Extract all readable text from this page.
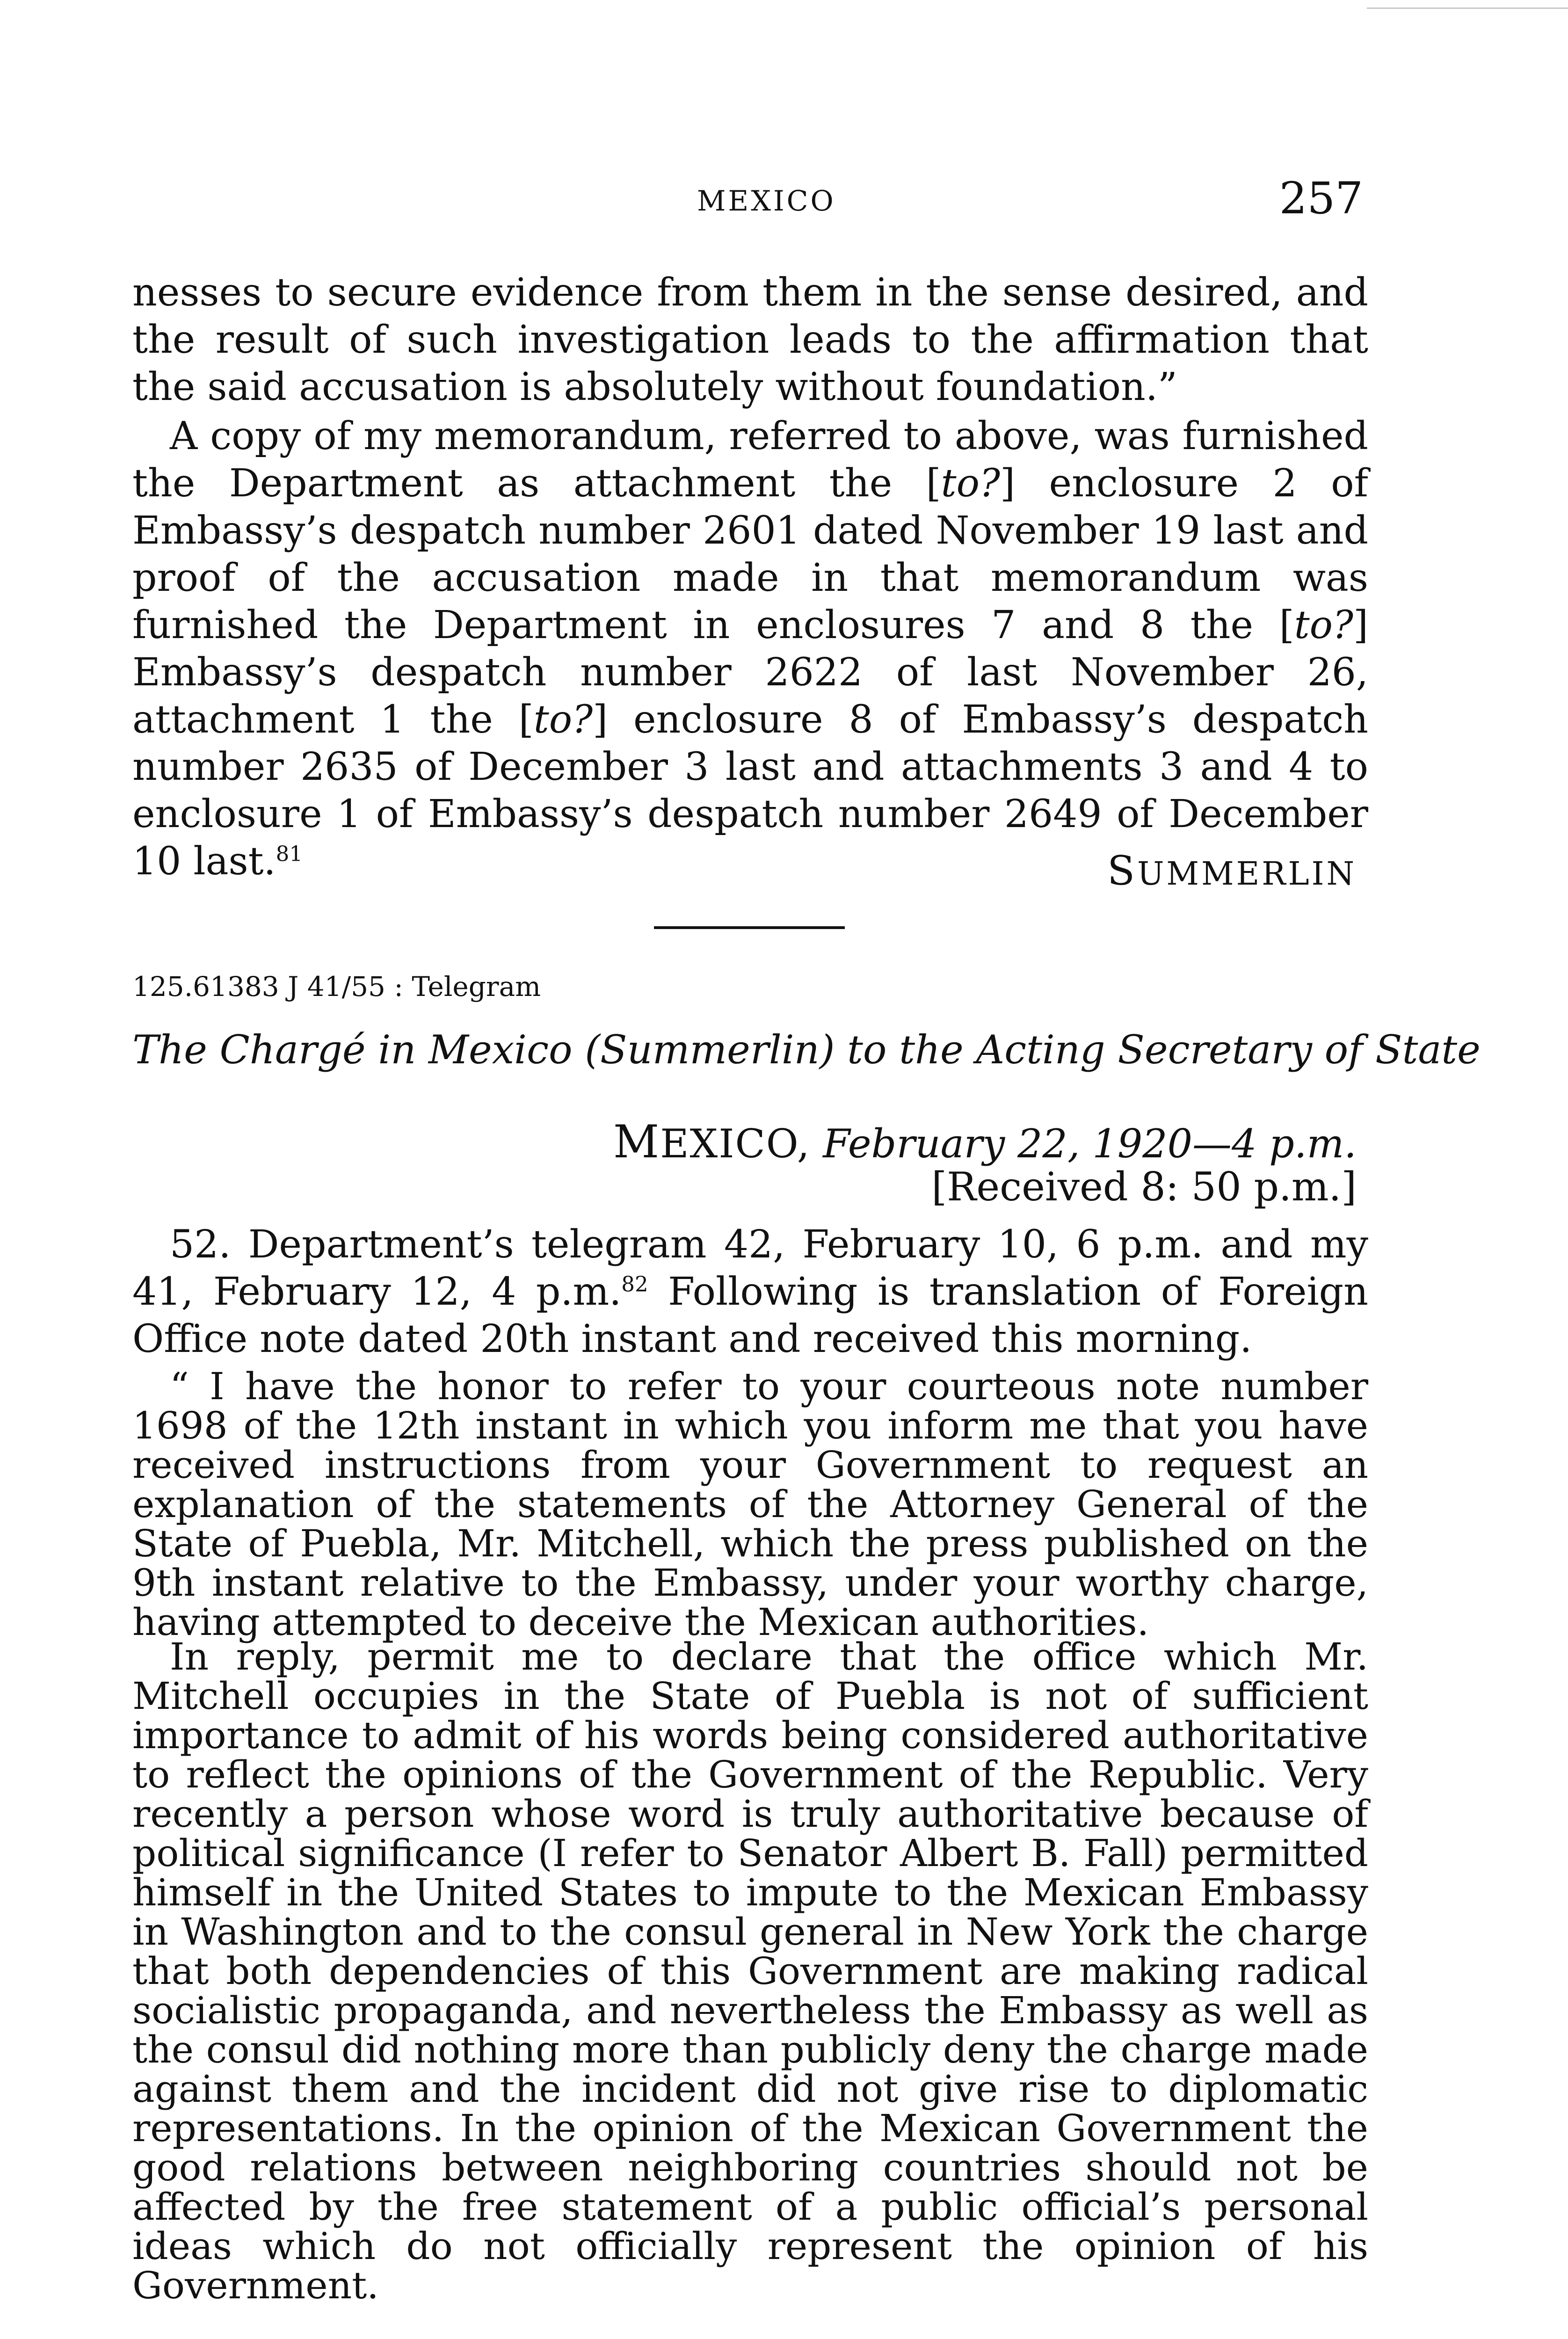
MEXICO	257

nesses to secure evidence from them in the sense desired, and the result of such investigation leads to the affirmation that the said accusation is absolutely without foundation.”

A copy of my memorandum, referred to above, was furnished the Department as attachment the [to?] enclosure 2 of Embassy’s despatch number 2601 dated November 19 last and proof of the accusation made in that memorandum was furnished the Department in enclosures 7 and 8 the [to?] Embassy’s despatch number 2622 of last November 26, attachment 1 the [to?] enclosure 8 of Embassy’s despatch number 2635 of December 3 last and attachments 3 and 4 to enclosure 1 of Embassy’s despatch number 2649 of December 10 last.$^{81}$	SUMMERLIN
125.61383 J 41/55 : Telegram
The Chargé in Mexico (Summerlin) to the Acting Secretary of State
MEXICO, February 22, 1920—4 p.m.
[Received 8: 50 p.m.]

52. Department’s telegram 42, February 10, 6 p.m. and my 41, February 12, 4 p.m.$^{82}$ Following is translation of Foreign Office note dated 20th instant and received this morning.

“ I have the honor to refer to your courteous note number 1698 of the 12th instant in which you inform me that you have received instructions from your Government to request an explanation of the statements of the Attorney General of the State of Puebla, Mr. Mitchell, which the press published on the 9th instant relative to the Embassy, under your worthy charge, having attempted to deceive the Mexican authorities.

In reply, permit me to declare that the office which Mr. Mitchell occupies in the State of Puebla is not of sufficient importance to admit of his words being considered authoritative to reflect the opinions of the Government of the Republic. Very recently a person whose word is truly authoritative because of political significance (I refer to Senator Albert B. Fall) permitted himself in the United States to impute to the Mexican Embassy in Washington and to the consul general in New York the charge that both dependencies of this Government are making radical socialistic propaganda, and nevertheless the Embassy as well as the consul did nothing more than publicly deny the charge made against them and the incident did not give rise to diplomatic representations. In the opinion of the Mexican Government the good relations between neighboring countries should not be affected by the free statement of a public official’s personal ideas which do not officially represent the opinion of his Government.
